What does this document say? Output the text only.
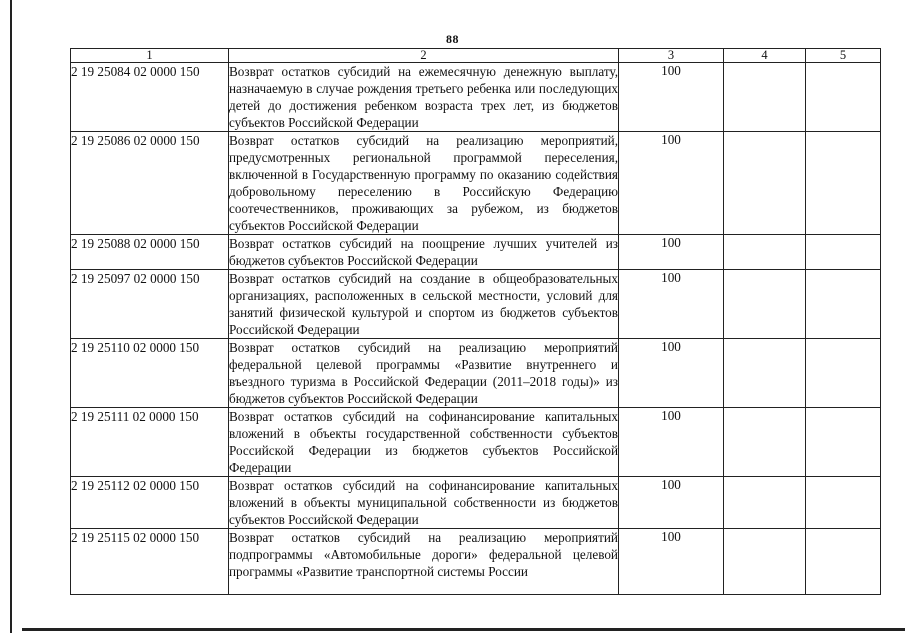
88
1	2	3	4	5
2 19 25084 02 0000 150	Возврат остатков субсидий на ежемесячную денежную выплату, назначаемую в случае рождения третьего ребенка или последующих детей до достижения ребенком возраста трех лет, из бюджетов субъектов Российской Федерации	100		
2 19 25086 02 0000 150	Возврат остатков субсидий на реализацию мероприятий, предусмотренных региональной программой переселения, включенной в Государственную программу по оказанию содействия добровольному переселению в Российскую Федерацию соотечественников, проживающих за рубежом, из бюджетов субъектов Российской Федерации	100		
2 19 25088 02 0000 150	Возврат остатков субсидий на поощрение лучших учителей из бюджетов субъектов Российской Федерации	100		
2 19 25097 02 0000 150	Возврат остатков субсидий на создание в общеобразовательных организациях, расположенных в сельской местности, условий для занятий физической культурой и спортом из бюджетов субъектов Российской Федерации	100		
2 19 25110 02 0000 150	Возврат остатков субсидий на реализацию мероприятий федеральной целевой программы «Развитие внутреннего и въездного туризма в Российской Федерации (2011–2018 годы)» из бюджетов субъектов Российской Федерации	100		
2 19 25111 02 0000 150	Возврат остатков субсидий на софинансирование капитальных вложений в объекты государственной собственности субъектов Российской Федерации из бюджетов субъектов Российской Федерации	100		
2 19 25112 02 0000 150	Возврат остатков субсидий на софинансирование капитальных вложений в объекты муниципальной собственности из бюджетов субъектов Российской Федерации	100		
2 19 25115 02 0000 150	Возврат остатков субсидий на реализацию мероприятий подпрограммы «Автомобильные дороги» федеральной целевой программы «Развитие транспортной системы России	100		
